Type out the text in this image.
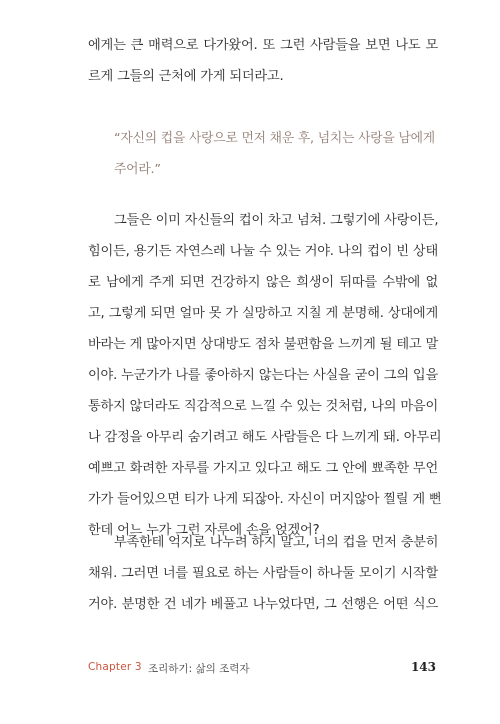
에게는 큰 매력으로 다가왔어. 또 그런 사람들을 보면 나도 모
르게 그들의 근처에 가게 되더라고.
“자신의 컵을 사랑으로 먼저 채운 후, 넘치는 사랑을 남에게
주어라.”
그들은 이미 자신들의 컵이 차고 넘쳐. 그렇기에 사랑이든,
힘이든, 용기든 자연스레 나눌 수 있는 거야. 나의 컵이 빈 상태
로 남에게 주게 되면 건강하지 않은 희생이 뒤따를 수밖에 없
고, 그렇게 되면 얼마 못 가 실망하고 지칠 게 분명해. 상대에게
바라는 게 많아지면 상대방도 점차 불편함을 느끼게 될 테고 말
이야. 누군가가 나를 좋아하지 않는다는 사실을 굳이 그의 입을
통하지 않더라도 직감적으로 느낄 수 있는 것처럼, 나의 마음이
나 감정을 아무리 숨기려고 해도 사람들은 다 느끼게 돼. 아무리
예쁘고 화려한 자루를 가지고 있다고 해도 그 안에 뾰족한 무언
가가 들어있으면 티가 나게 되잖아. 자신이 머지않아 찔릴 게 뻔
한데 어느 누가 그런 자루에 손을 얹겠어?
부족한테 억지로 나누려 하지 말고, 너의 컵을 먼저 충분히
채워. 그러면 너를 필요로 하는 사람들이 하나둘 모이기 시작할
거야. 분명한 건 네가 베풀고 나누었다면, 그 선행은 어떤 식으
Chapter 3 조리하기: 삶의 조력자	143
